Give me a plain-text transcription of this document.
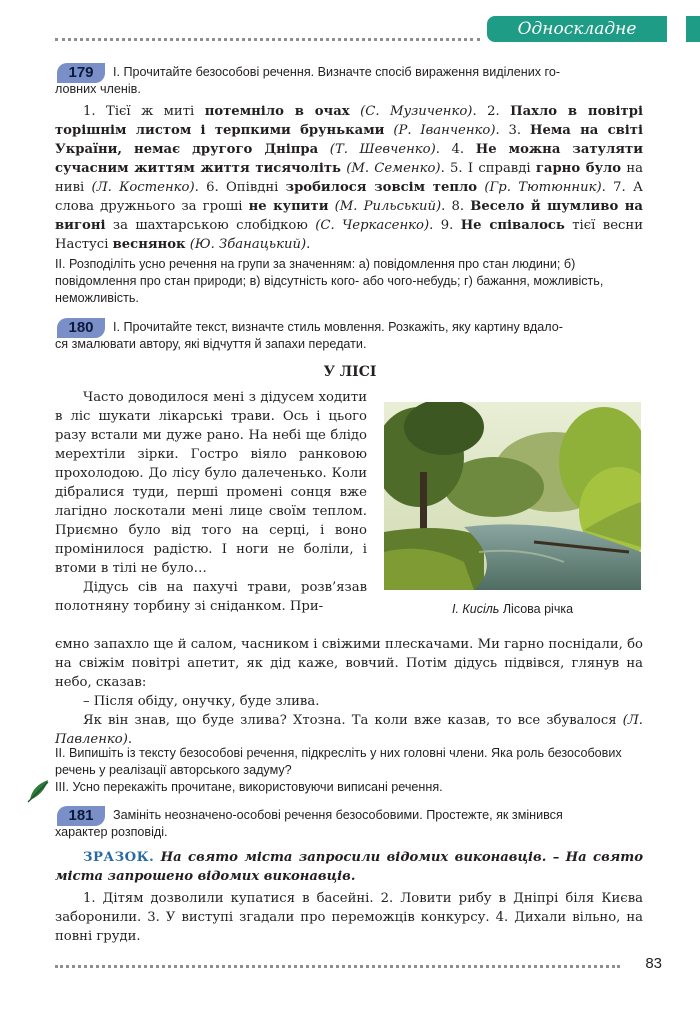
Односкладне речення
179	I. Прочитайте безособові речення. Визначте спосіб вираження виділених го-
ловних членів.

1. Тієї ж миті потемніло в очах (С. Музиченко). 2. Пахло в повітрі торішнім листом і терпкими бруньками (Р. Іванченко). 3. Нема на світі України, немає другого Дніпра (Т. Шевченко). 4. Не можна затуляти сучасним життям життя тисячоліть (М. Семенко). 5. І справді гарно було на ниві (Л. Костенко). 6. Опівдні зробилося зовсім тепло (Гр. Тютюнник). 7. А слова дружнього за гроші не купити (М. Рильський). 8. Весело й шумливо на вигоні за шахтарською слобідкою (С. Черкасенко). 9. Не співалось тієї весни Настусі веснянок (Ю. Збанацький).

II. Розподіліть усно речення на групи за значенням: а) повідомлення про стан людини; б) повідомлення про стан природи; в) відсутність кого- або чого-небудь; г) бажання, можливість, неможливість.
180	I. Прочитайте текст, визначте стиль мовлення. Розкажіть, яку картину вдало-
ся змалювати автору, які відчуття й запахи передати.
У ЛІСІ

Часто доводилося мені з дідусем ходити в ліс шукати лікарські трави. Ось і цього разу встали ми дуже рано. На небі ще блідо мерехтіли зірки. Гостро віяло ранковою прохолодою. До лісу було далеченько. Коли дібралися туди, перші промені сонця вже лагідно лоскотали мені лице своїм теплом. Приємно було від того на серці, і воно промінилося радістю. І ноги не боліли, і втоми в тілі не було…

Дідусь сів на пахучі трави, розв’язав полотняну торбину зі сніданком. При-	І. Кисіль Лісова річка

ємно запахло ще й салом, часником і свіжими плескачами. Ми гарно поснідали, бо на свіжім повітрі апетит, як дід каже, вовчий. Потім дідусь підвівся, глянув на небо, сказав:

– Після обіду, онучку, буде злива.

Як він знав, що буде злива? Хтозна. Та коли вже казав, то все збувалося (Л. Павленко).

II. Випишіть із тексту безособові речення, підкресліть у них головні члени. Яка роль безособових речень у реалізації авторського задуму?
III. Усно перекажіть прочитане, використовуючи виписані речення.
181	Замініть неозначено-особові речення безособовими. Простежте, як змінився
характер розповіді.

ЗРАЗОК. На свято міста запросили відомих виконавців. – На свято міста запрошено відомих виконавців.

1. Дітям дозволили купатися в басейні. 2. Ловити рибу в Дніпрі біля Києва заборонили. 3. У виступі згадали про переможців конкурсу. 4. Дихали вільно, на повні груди.

83
